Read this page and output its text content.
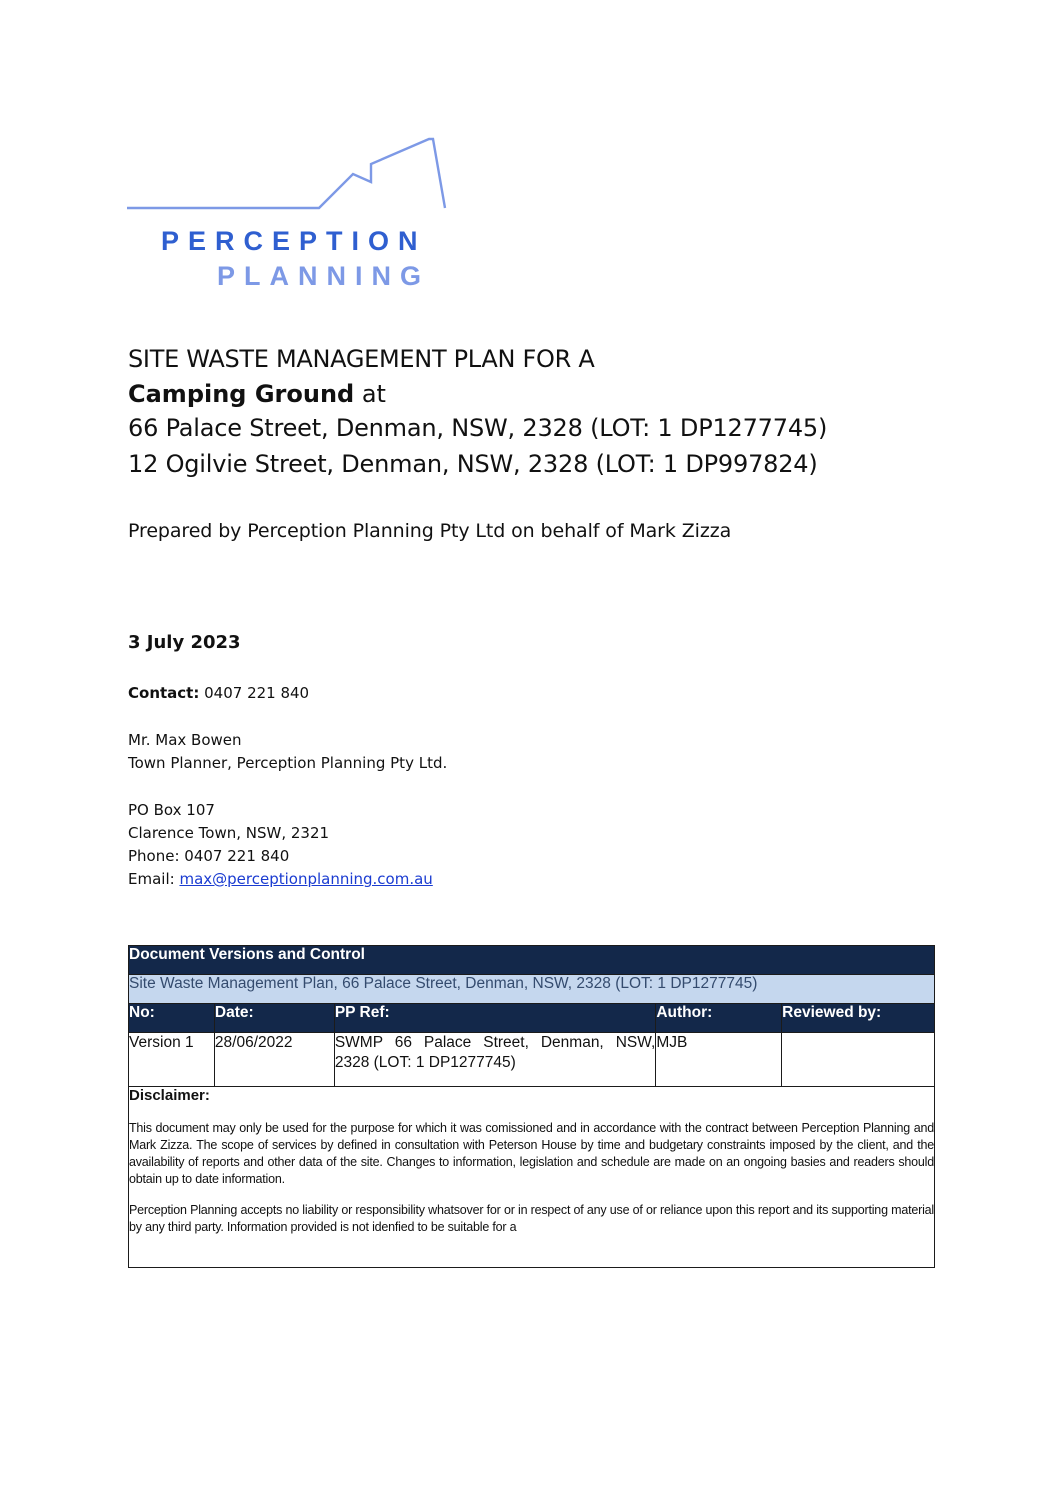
PERCEPTION
PLANNING
SITE WASTE MANAGEMENT PLAN FOR A
Camping Ground at
66 Palace Street, Denman, NSW, 2328 (LOT: 1 DP1277745)
12 Ogilvie Street, Denman, NSW, 2328 (LOT: 1 DP997824)
Prepared by Perception Planning Pty Ltd on behalf of Mark Zizza
3 July 2023
Contact: 0407 221 840
Mr. Max Bowen
Town Planner, Perception Planning Pty Ltd.
PO Box 107
Clarence Town, NSW, 2321
Phone: 0407 221 840
Email: max@perceptionplanning.com.au
Document Versions and Control				
Site Waste Management Plan, 66 Palace Street, Denman, NSW, 2328 (LOT: 1 DP1277745)				
No:	Date:	PP Ref:	Author:	Reviewed by:
Version 1	28/06/2022	SWMP 66 Palace Street, Denman, NSW, 2328 (LOT: 1 DP1277745)	MJB	

Disclaimer:

This document may only be used for the purpose for which it was comissioned and in accordance with the contract between Perception Planning and Mark Zizza. The scope of services by defined in consultation with Peterson House by time and budgetary constraints imposed by the client, and the availability of reports and other data of the site. Changes to information, legislation and schedule are made on an ongoing basies and readers should obtain up to date information.

Perception Planning accepts no liability or responsibility whatsover for or in respect of any use of or reliance upon this report and its supporting material by any third party. Information provided is not idenfied to be suitable for a				
